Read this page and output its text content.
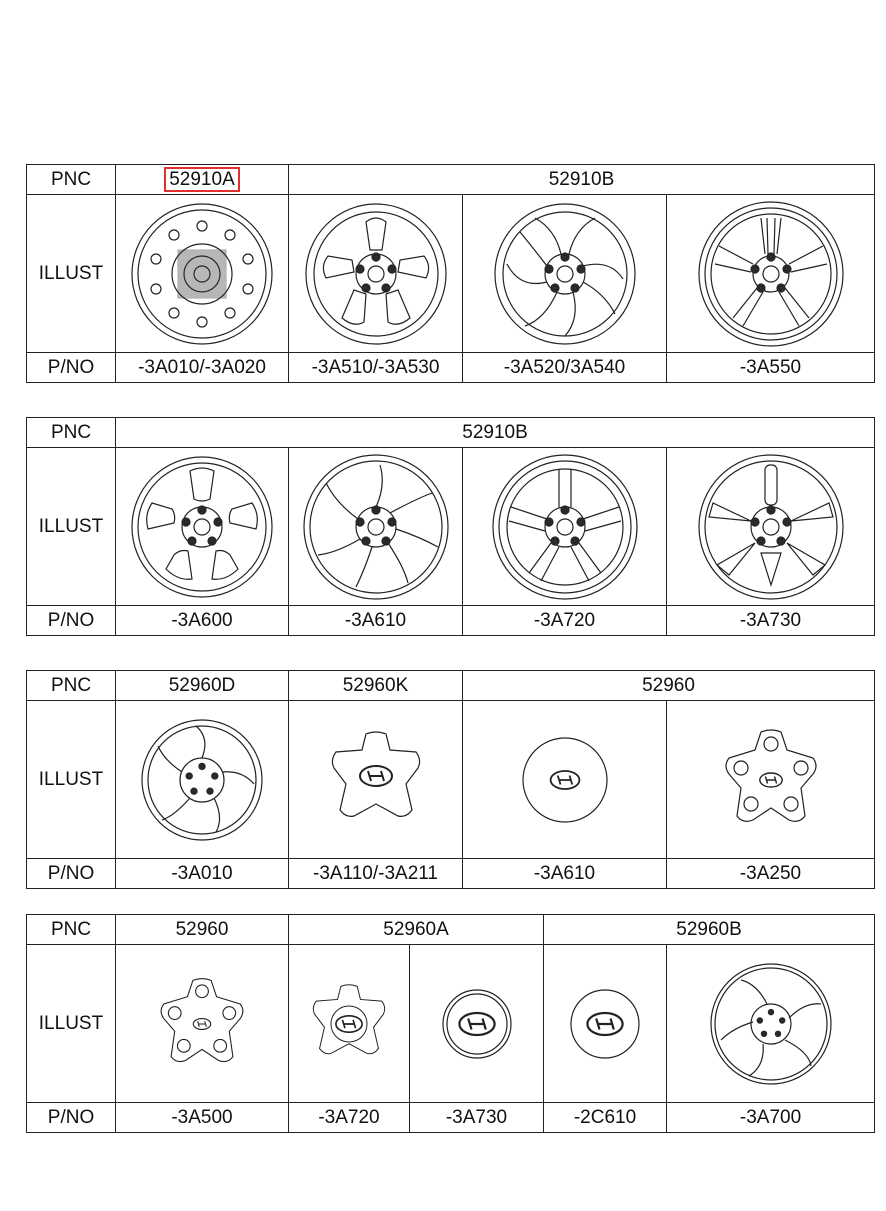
PNC	52910A	52910B		
ILLUST	

P/NO	-3A010/-3A020	-3A510/-3A530	-3A520/3A540	-3A550
PNC	52910B			
ILLUST	

P/NO	-3A600	-3A610	-3A720	-3A730
PNC	52960D	52960K	52960	
ILLUST	

P/NO	-3A010	-3A110/-3A211	-3A610	-3A250
PNC	52960	52960A		52960B	
ILLUST	

P/NO	-3A500	-3A720	-3A730	-2C610	-3A700
